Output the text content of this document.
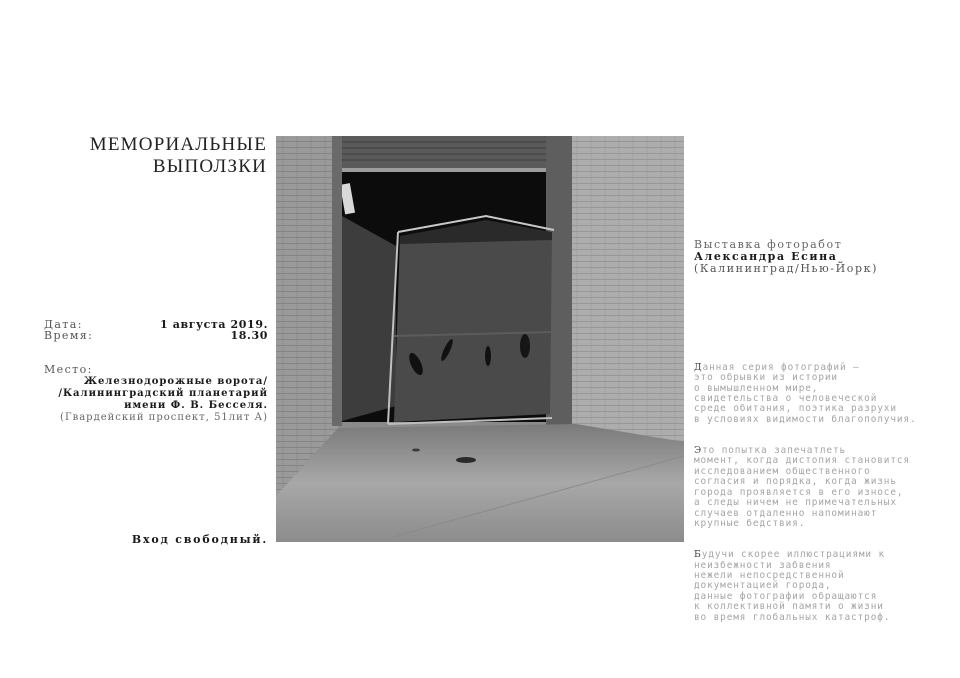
МЕМОРИАЛЬНЫЕ
ВЫПОЛЗКИ
Дата:	1 августа 2019.
Время:	18.30
Место:
Железнодорожные ворота/
/Калининградский планетарий
имени Ф. В. Бесселя.
(Гвардейский проспект, 51лит А)
Вход свободный.
Выставка фоторабот
Александра Есина
(Калининград/Нью-Йорк)

Данная серия фотографий –
это обрывки из истории
о вымышленном мире,
свидетельства о человеческой
среде обитания, поэтика разрухи
в условиях видимости благополучия.

Это попытка запечатлеть
момент, когда дистопия становится
исследованием общественного
согласия и порядка, когда жизнь
города проявляется в его износе,
а следы ничем не примечательных
случаев отдаленно напоминают
крупные бедствия.

Будучи скорее иллюстрациями к
неизбежности забвения
нежели непосредственной
документацией города,
данные фотографии обращаются
к коллективной памяти о жизни
во время глобальных катастроф.
